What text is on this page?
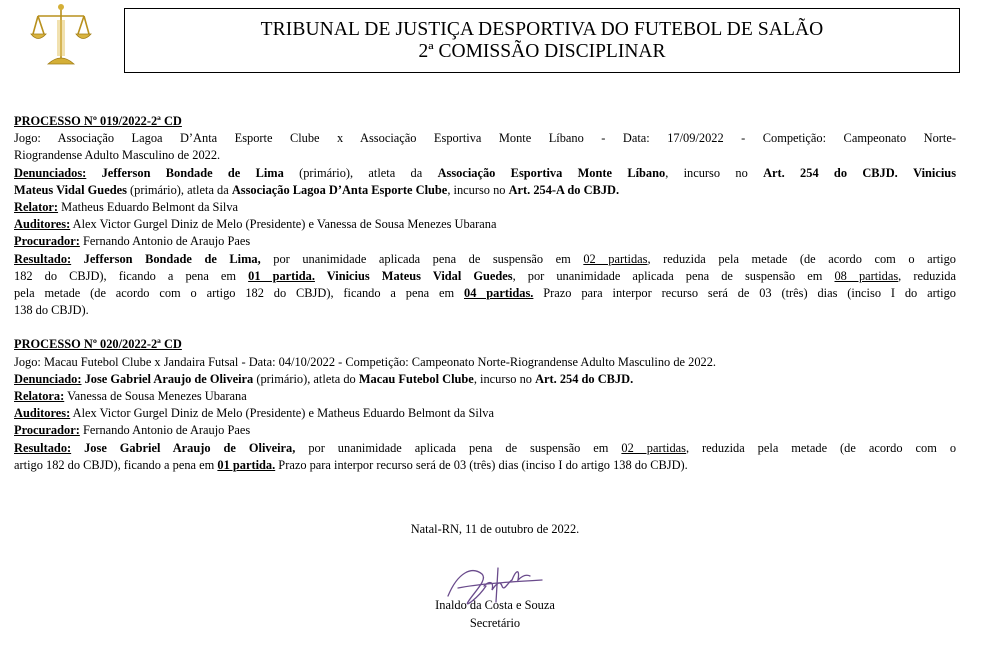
TRIBUNAL DE JUSTIÇA DESPORTIVA DO FUTEBOL DE SALÃO
2ª COMISSÃO DISCIPLINAR

PROCESSO Nº 019/2022-2ª CD

Jogo: Associação Lagoa D’Anta Esporte Clube x Associação Esportiva Monte Líbano - Data: 17/09/2022 - Competição: Campeonato Norte-

Riograndense Adulto Masculino de 2022.

Denunciados: Jefferson Bondade de Lima (primário), atleta da Associação Esportiva Monte Líbano, incurso no Art. 254 do CBJD. Vinicius

Mateus Vidal Guedes (primário), atleta da Associação Lagoa D’Anta Esporte Clube, incurso no Art. 254-A do CBJD.

Relator: Matheus Eduardo Belmont da Silva

Auditores: Alex Victor Gurgel Diniz de Melo (Presidente) e Vanessa de Sousa Menezes Ubarana

Procurador: Fernando Antonio de Araujo Paes

Resultado: Jefferson Bondade de Lima, por unanimidade aplicada pena de suspensão em 02 partidas, reduzida pela metade (de acordo com o artigo

182 do CBJD), ficando a pena em 01 partida. Vinicius Mateus Vidal Guedes, por unanimidade aplicada pena de suspensão em 08 partidas, reduzida

pela metade (de acordo com o artigo 182 do CBJD), ficando a pena em 04 partidas. Prazo para interpor recurso será de 03 (três) dias (inciso I do artigo

138 do CBJD).

PROCESSO Nº 020/2022-2ª CD

Jogo: Macau Futebol Clube x Jandaira Futsal - Data: 04/10/2022 - Competição: Campeonato Norte-Riograndense Adulto Masculino de 2022.

Denunciado: Jose Gabriel Araujo de Oliveira (primário), atleta do Macau Futebol Clube, incurso no Art. 254 do CBJD.

Relatora: Vanessa de Sousa Menezes Ubarana

Auditores: Alex Victor Gurgel Diniz de Melo (Presidente) e Matheus Eduardo Belmont da Silva

Procurador: Fernando Antonio de Araujo Paes

Resultado: Jose Gabriel Araujo de Oliveira, por unanimidade aplicada pena de suspensão em 02 partidas, reduzida pela metade (de acordo com o

artigo 182 do CBJD), ficando a pena em 01 partida. Prazo para interpor recurso será de 03 (três) dias (inciso I do artigo 138 do CBJD).

Natal-RN, 11 de outubro de 2022.
Inaldo da Costa e Souza
Secretário
